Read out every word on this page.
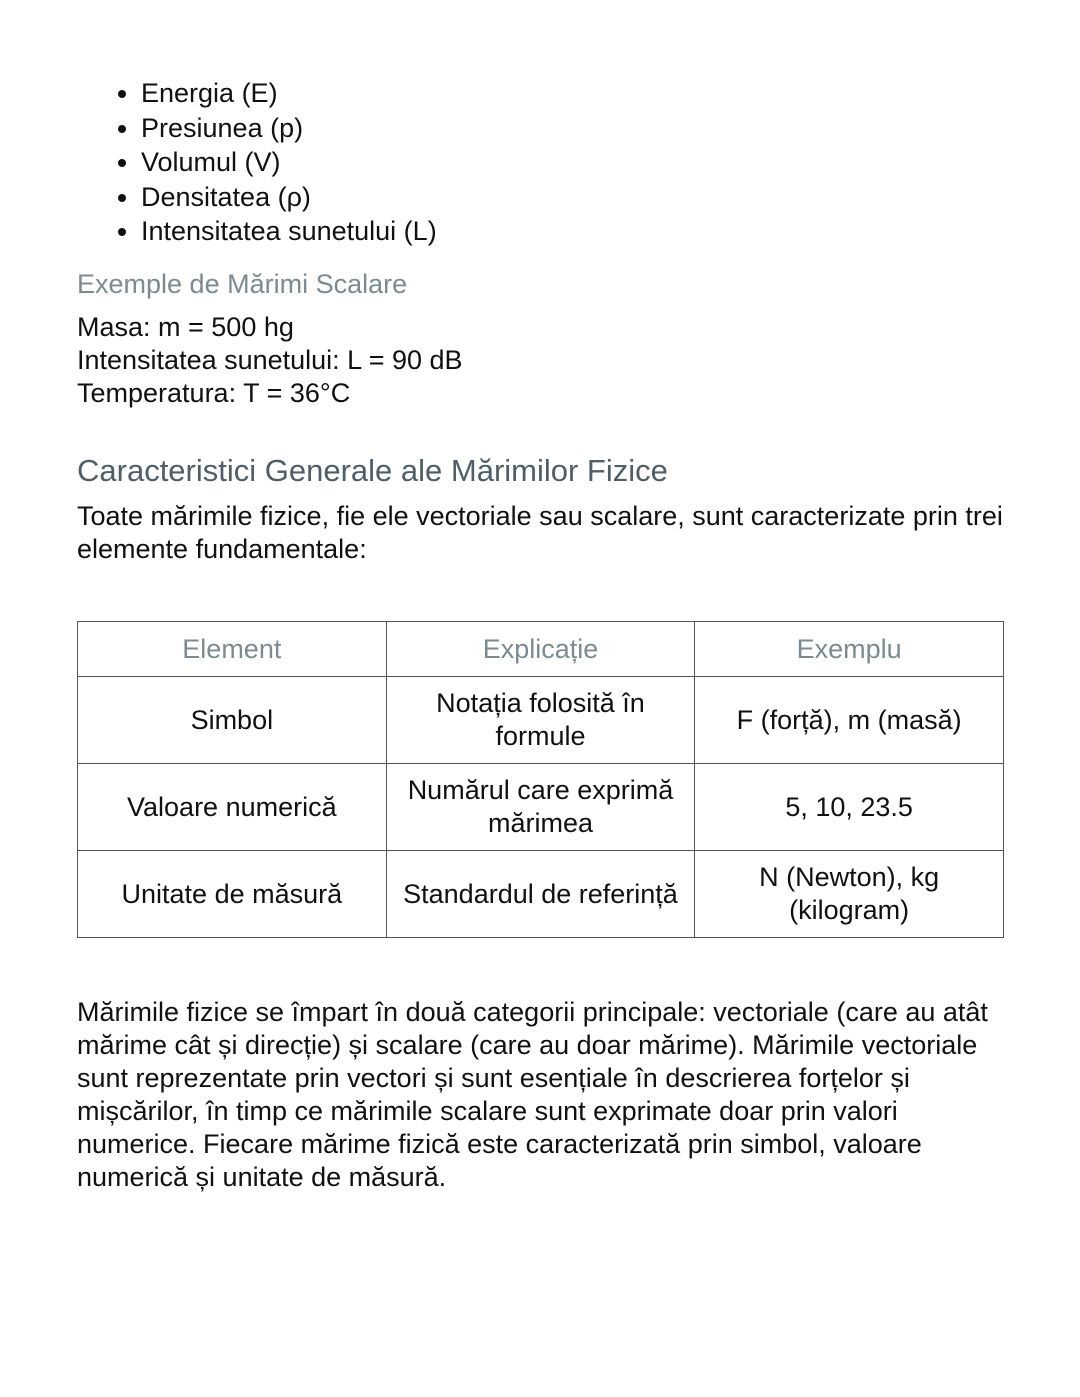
• Energia (E)
• Presiunea (p)
• Volumul (V)
• Densitatea (ρ)
• Intensitatea sunetului (L)
Exemple de Mărimi Scalare
Masa: m = 500 hg
Intensitatea sunetului: L = 90 dB
Temperatura: T = 36°C
Caracteristici Generale ale Mărimilor Fizice
Toate mărimile fizice, fie ele vectoriale sau scalare, sunt caracterizate prin trei elemente fundamentale:
Element	Explicație	Exemplu
Simbol	Notația folosită în formule	F (forță), m (masă)
Valoare numerică	Numărul care exprimă mărimea	5, 10, 23.5
Unitate de măsură	Standardul de referință	N (Newton), kg (kilogram)
Mărimile fizice se împart în două categorii principale: vectoriale (care au atât mărime cât și direcție) și scalare (care au doar mărime). Mărimile vectoriale sunt reprezentate prin vectori și sunt esențiale în descrierea forțelor și mișcărilor, în timp ce mărimile scalare sunt exprimate doar prin valori numerice. Fiecare mărime fizică este caracterizată prin simbol, valoare numerică și unitate de măsură.
